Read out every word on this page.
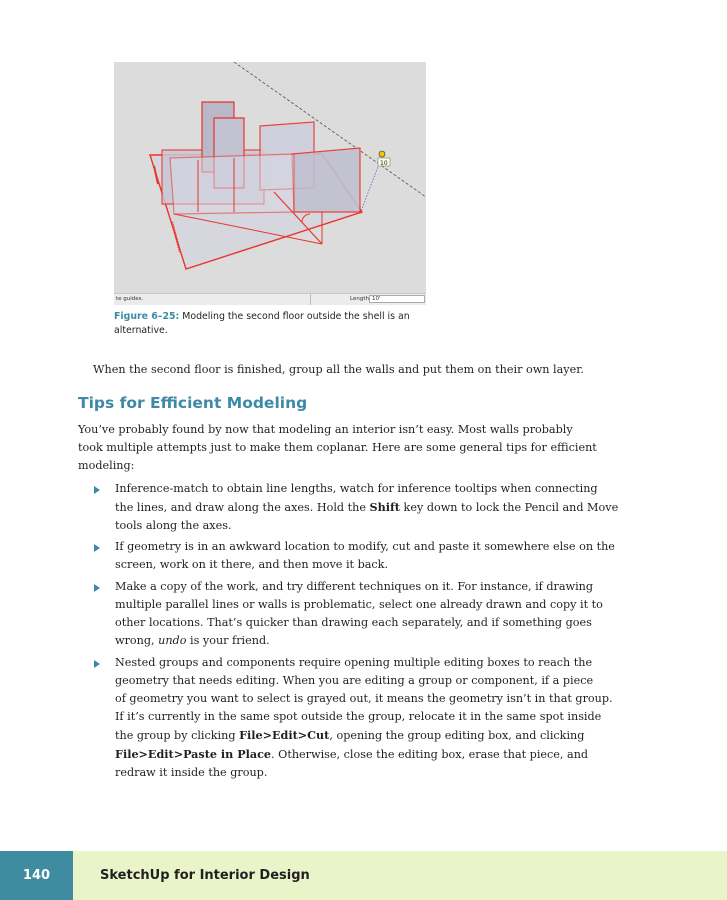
10
te guides.	Length 10'
Figure 6–25: Modeling the second floor outside the shell is an alternative.
When the second floor is finished, group all the walls and put them on their own layer.
Tips for Efficient Modeling
You’ve probably found by now that modeling an interior isn’t easy. Most walls probably
took multiple attempts just to make them coplanar. Here are some general tips for efficient
modeling:
Inference-match to obtain line lengths, watch for inference tooltips when connecting
the lines, and draw along the axes. Hold the Shift key down to lock the Pencil and Move
tools along the axes.
If geometry is in an awkward location to modify, cut and paste it somewhere else on the
screen, work on it there, and then move it back.
Make a copy of the work, and try different techniques on it. For instance, if drawing
multiple parallel lines or walls is problematic, select one already drawn and copy it to
other locations. That’s quicker than drawing each separately, and if something goes
wrong, undo is your friend.
Nested groups and components require opening multiple editing boxes to reach the
geometry that needs editing. When you are editing a group or component, if a piece
of geometry you want to select is grayed out, it means the geometry isn’t in that group.
If it’s currently in the same spot outside the group, relocate it in the same spot inside
the group by clicking File>Edit>Cut, opening the group editing box, and clicking
File>Edit>Paste in Place. Otherwise, close the editing box, erase that piece, and
redraw it inside the group.
140	SketchUp for Interior Design
